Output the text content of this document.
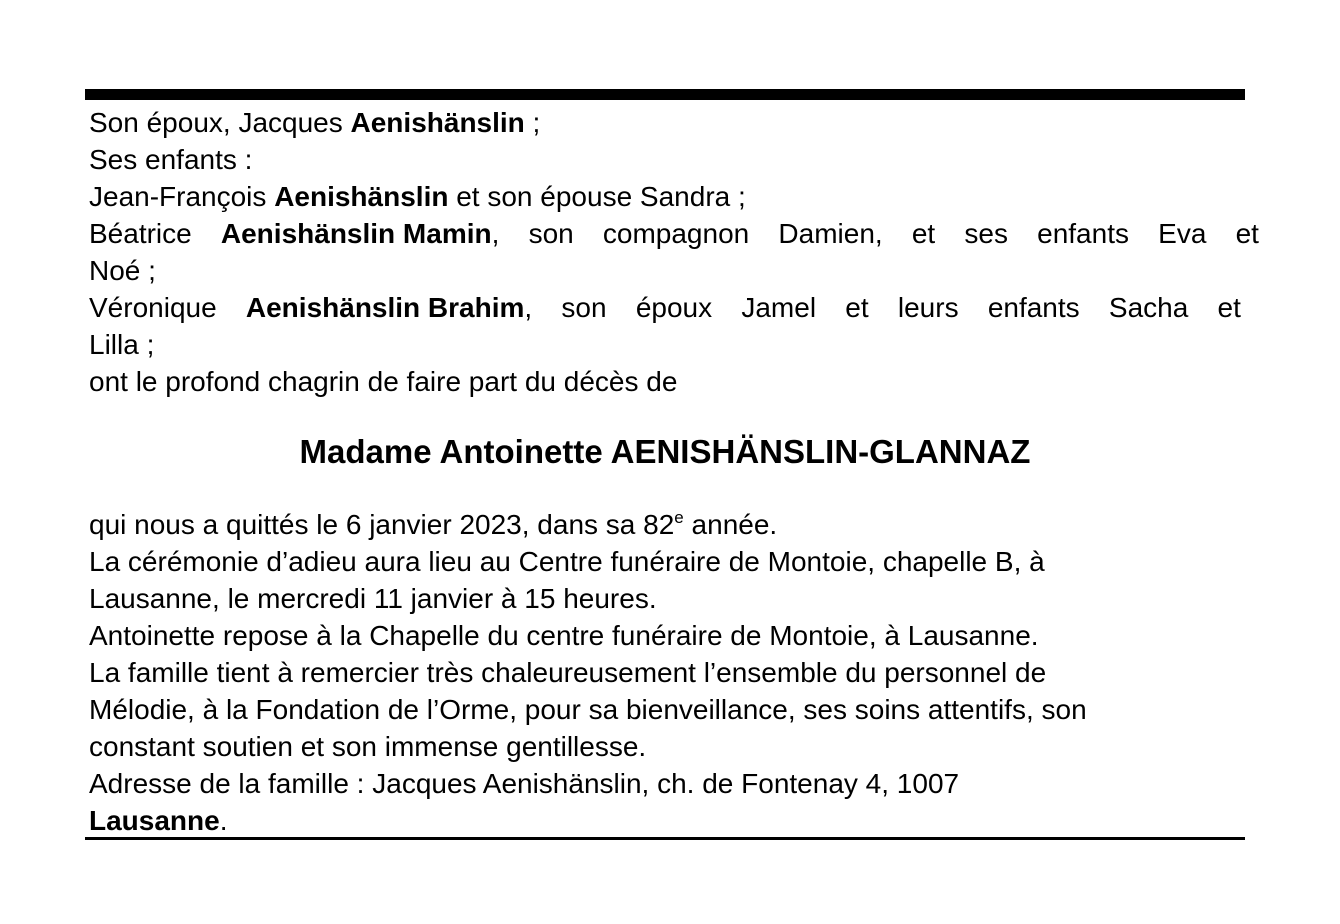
Son époux, Jacques Aenishänslin ;
Ses enfants :
Jean-François Aenishänslin et son épouse Sandra ;
Béatrice Aenishänslin Mamin, son compagnon Damien, et ses enfants Eva et
Noé ;
Véronique Aenishänslin Brahim, son époux Jamel et leurs enfants Sacha et
Lilla ;
ont le profond chagrin de faire part du décès de
Madame Antoinette AENISHÄNSLIN-GLANNAZ
qui nous a quittés le 6 janvier 2023, dans sa 82e année.
La cérémonie d’adieu aura lieu au Centre funéraire de Montoie, chapelle B, à
Lausanne, le mercredi 11 janvier à 15 heures.
Antoinette repose à la Chapelle du centre funéraire de Montoie, à Lausanne.
La famille tient à remercier très chaleureusement l’ensemble du personnel de
Mélodie, à la Fondation de l’Orme, pour sa bienveillance, ses soins attentifs, son
constant soutien et son immense gentillesse.
Adresse de la famille : Jacques Aenishänslin, ch. de Fontenay 4, 1007
Lausanne.
